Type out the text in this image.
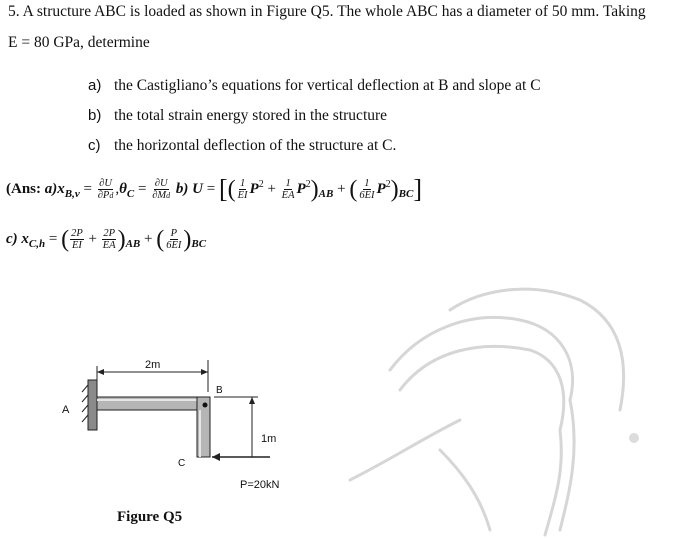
5. A structure ABC is loaded as shown in Figure Q5. The whole ABC has a diameter of 50 mm. Taking
E = 80 GPa, determine
a) the Castigliano’s equations for vertical deflection at B and slope at C
b) the total strain energy stored in the structure
c) the horizontal deflection of the structure at C.
(Ans: $a)x_{B,v} = \frac{\partial U}{\partial Pd} ,\theta_C = \frac{\partial U}{\partial Md} b$) U = [( $\frac{1}{EI} P^2 + \frac{1}{EA} P^2)_{AB}$ + ( $\frac{1}{6EI} P^2)_{BC}$]
c) $x_{C,h}$ = ( $\frac{2P}{EI} + \frac{2P}{EA} )_{AB}$ + ( $\frac{P}{6EI} )_{BC}$
2m
A
B
C
1m
P=20kN
Figure Q5
